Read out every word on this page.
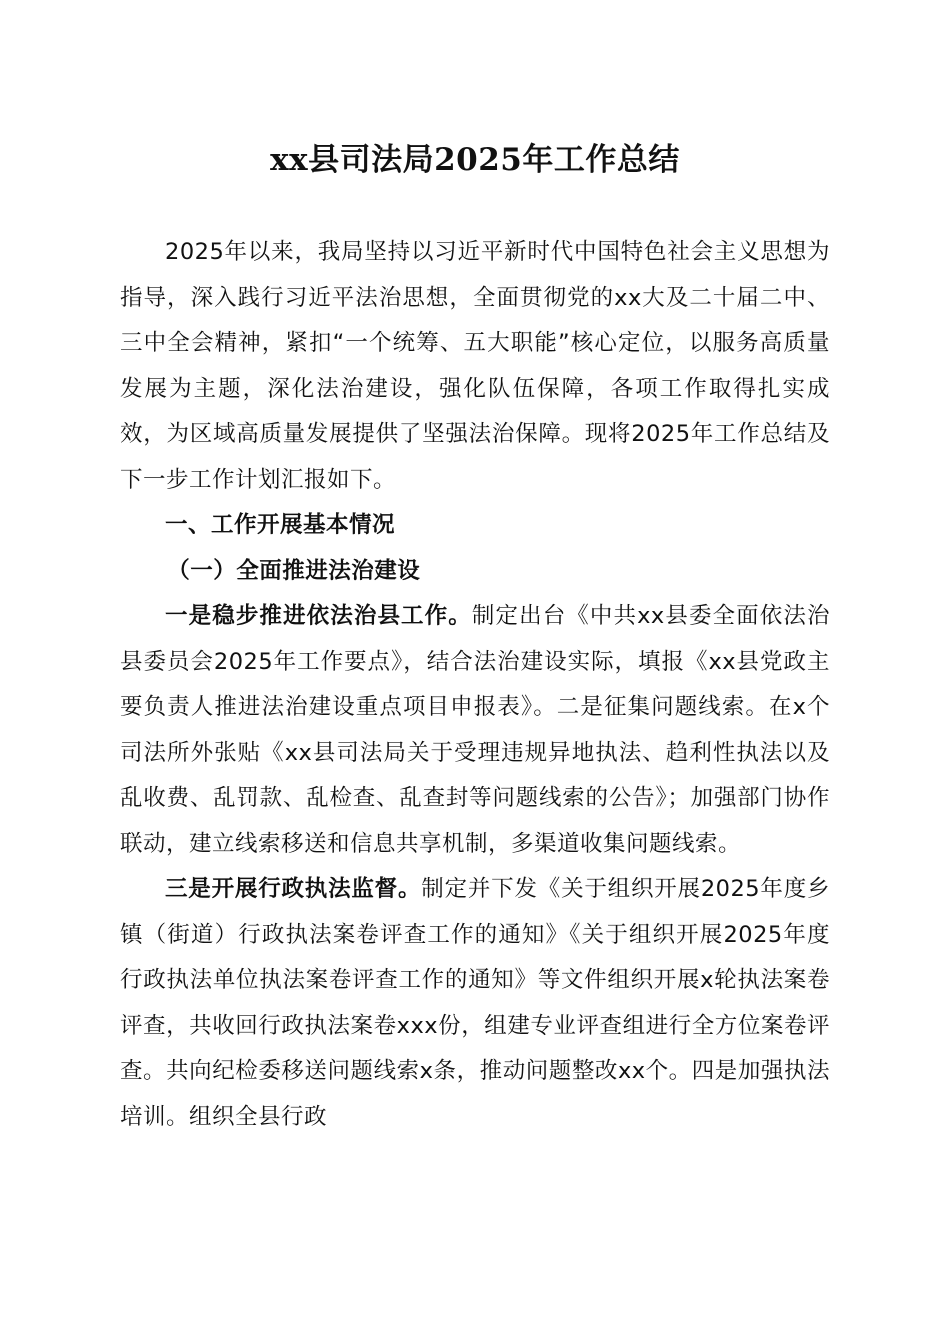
xx县司法局2025年工作总结

2025年以来，我局坚持以习近平新时代中国特色社会主义思想为指导，深入践行习近平法治思想，全面贯彻党的xx大及二十届二中、三中全会精神，紧扣“一个统筹、五大职能”核心定位，以服务高质量发展为主题，深化法治建设，强化队伍保障，各项工作取得扎实成效，为区域高质量发展提供了坚强法治保障。现将2025年工作总结及下一步工作计划汇报如下。

一、工作开展基本情况

（一）全面推进法治建设

一是稳步推进依法治县工作。制定出台《中共xx县委全面依法治县委员会2025年工作要点》，结合法治建设实际，填报《xx县党政主要负责人推进法治建设重点项目申报表》。二是征集问题线索。在x个司法所外张贴《xx县司法局关于受理违规异地执法、趋利性执法以及乱收费、乱罚款、乱检查、乱查封等问题线索的公告》；加强部门协作联动，建立线索移送和信息共享机制，多渠道收集问题线索。

三是开展行政执法监督。制定并下发《关于组织开展2025年度乡镇（街道）行政执法案卷评查工作的通知》《关于组织开展2025年度行政执法单位执法案卷评查工作的通知》等文件组织开展x轮执法案卷评查，共收回行政执法案卷xxx份，组建专业评查组进行全方位案卷评查。共向纪检委移送问题线索x条，推动问题整改xx个。四是加强执法培训。组织全县行政
